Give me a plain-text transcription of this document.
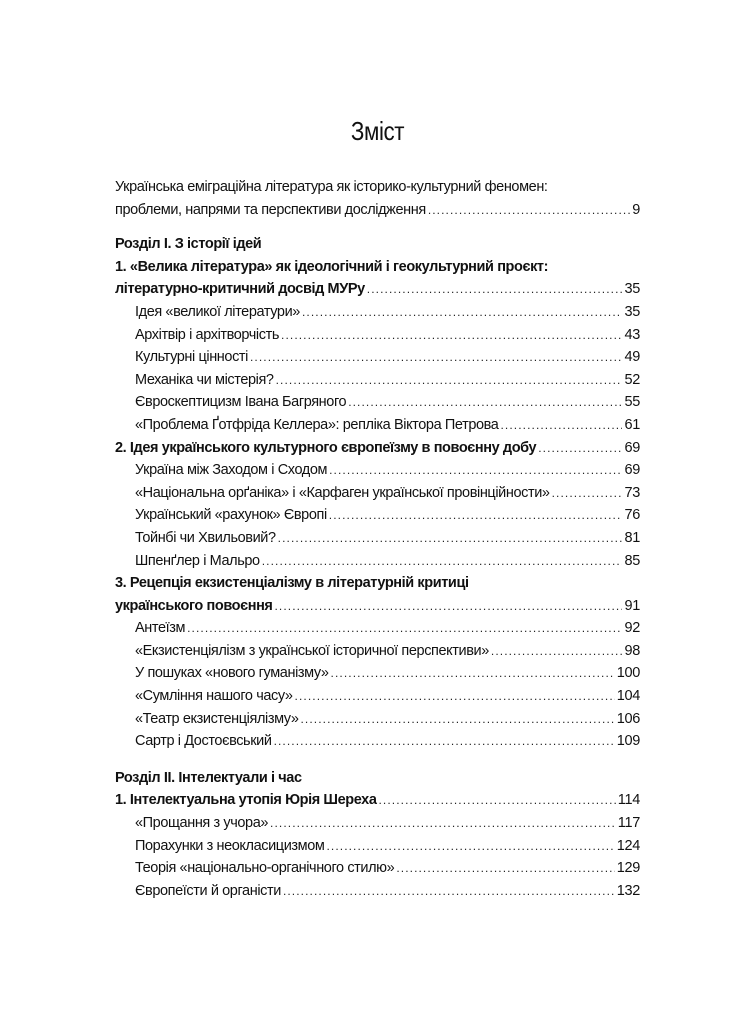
Зміст
Українська еміграційна література як історико-культурний феномен:
проблеми, напрями та перспективи дослідження .....	9
Розділ I. З історії ідей
1. «Велика література» як ідеологічний і геокультурний проєкт:
літературно-критичний досвід МУРу .....	35
Ідея «великої літератури» .....	35
Архітвір і архітворчість .....	43
Культурні цінності .....	49
Механіка чи містерія? .....	52
Євроскептицизм Івана Багряного .....	55
«Проблема Ґотфріда Келлера»: репліка Віктора Петрова .....	61
2. Ідея українського культурного європеїзму в повоєнну добу .....	69
Україна між Заходом і Сходом .....	69
«Національна орґаніка» і «Карфаген української провінційности» .....	73
Український «рахунок» Європі .....	76
Тойнбі чи Хвильовий? .....	81
Шпенґлер і Мальро .....	85
3. Рецепція екзистенціалізму в літературній критиці
українського повоєння .....	91
Антеїзм .....	92
«Екзистенціялізм з української історичної перспективи» .....	98
У пошуках «нового гуманізму» .....	100
«Сумління нашого часу» .....	104
«Театр екзистенціялізму» .....	106
Сартр і Достоєвський .....	109
Розділ II. Інтелектуали і час
1. Інтелектуальна утопія Юрія Шереха .....	114
«Прощання з учора» .....	117
Порахунки з неокласицизмом .....	124
Теорія «національно-органічного стилю» .....	129
Європеїсти й органісти .....	132
